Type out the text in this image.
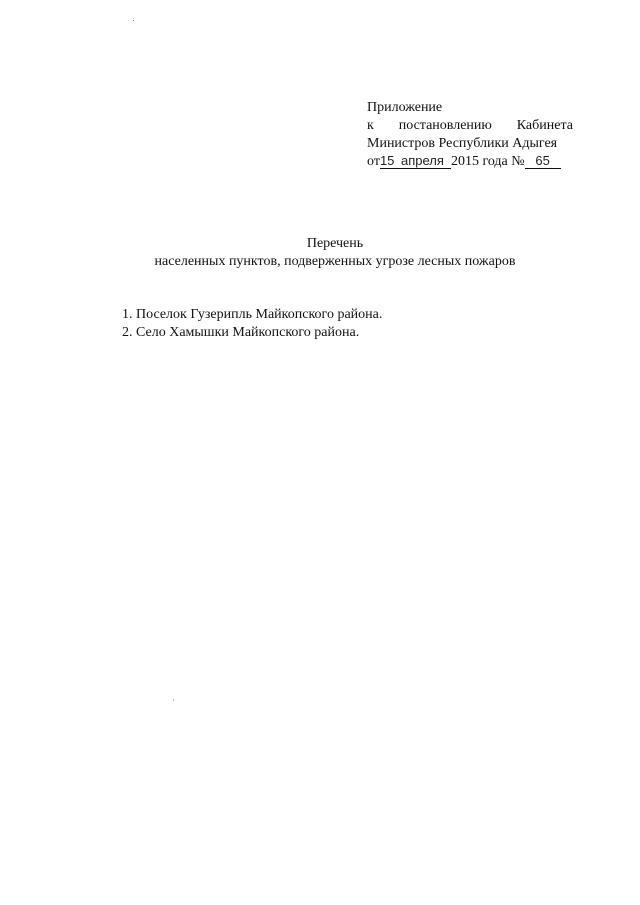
Приложение
к постановлению Кабинета
Министров Республики Адыгея
от15 апреля 2015 года № 65
Перечень
населенных пунктов, подверженных угрозе лесных пожаров
1. Поселок Гузерипль Майкопского района.
2. Село Хамышки Майкопского района.
